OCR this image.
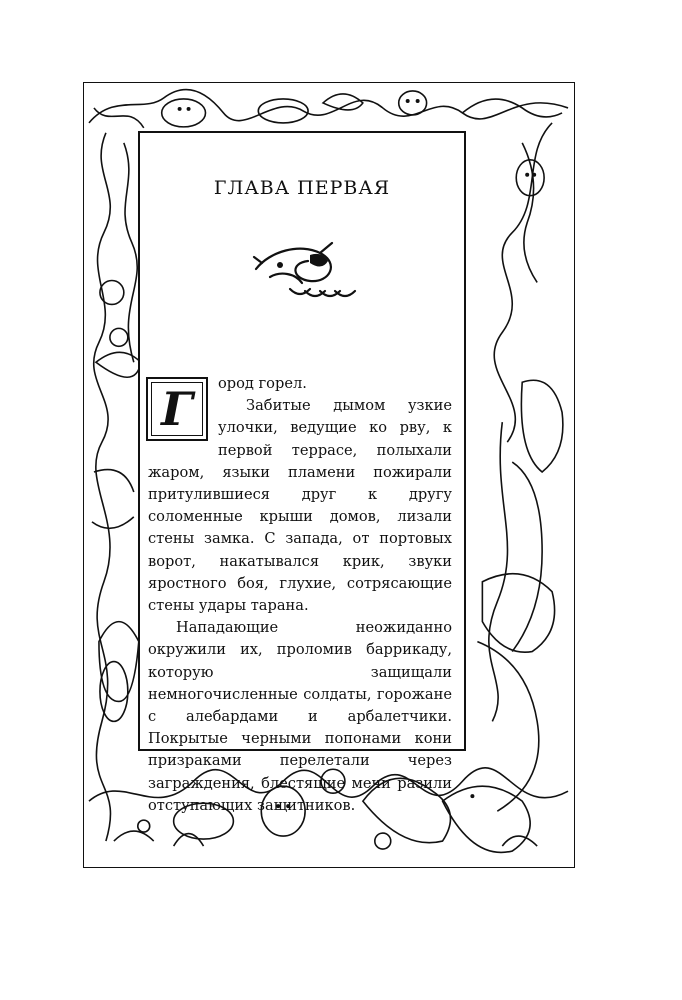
ГЛАВА ПЕРВАЯ
Г	ород горел.

Забитые дымом узкие улочки, ведущие ко рву, к первой террасе, полыхали жаром, языки пламени пожирали притулившиеся друг к другу соломенные крыши домов, лизали стены замка. С запада, от портовых ворот, накатывался крик, звуки яростного боя, глухие, сотрясающие стены удары тарана.

Нападающие неожиданно окружили их, проломив баррикаду, которую защищали немногочисленные солдаты, горожане с алебардами и арбалетчики. Покрытые черными попонами кони призраками перелетали через заграждения, блестящие мечи разили отступающих защитников.
